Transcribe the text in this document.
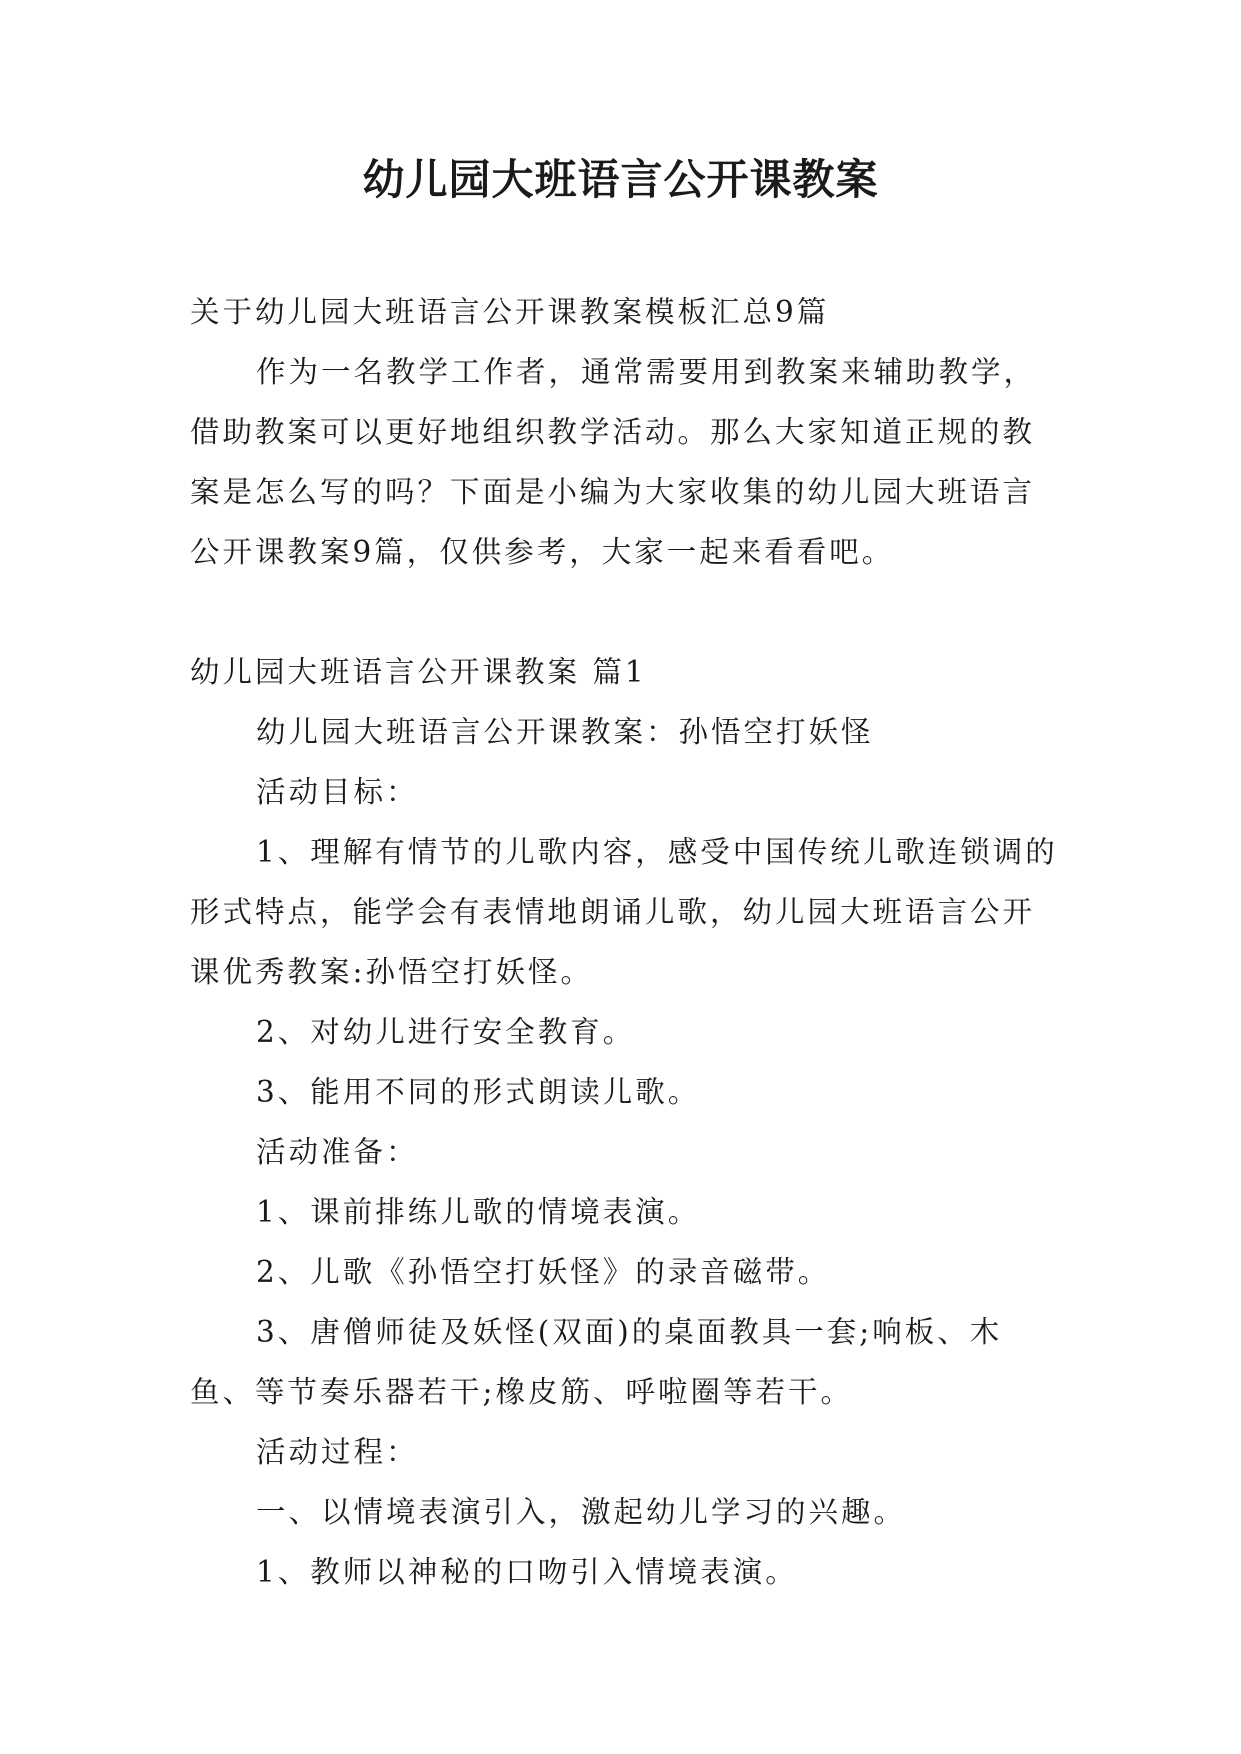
幼儿园大班语言公开课教案

关于幼儿园大班语言公开课教案模板汇总9篇

作为一名教学工作者，通常需要用到教案来辅助教学，借助教案可以更好地组织教学活动。那么大家知道正规的教案是怎么写的吗？下面是小编为大家收集的幼儿园大班语言公开课教案9篇，仅供参考，大家一起来看看吧。

幼儿园大班语言公开课教案 篇1

幼儿园大班语言公开课教案：孙悟空打妖怪

活动目标：

1、理解有情节的儿歌内容，感受中国传统儿歌连锁调的形式特点，能学会有表情地朗诵儿歌，幼儿园大班语言公开课优秀教案:孙悟空打妖怪。

2、对幼儿进行安全教育。

3、能用不同的形式朗读儿歌。

活动准备：

1、课前排练儿歌的情境表演。

2、儿歌《孙悟空打妖怪》的录音磁带。

3、唐僧师徒及妖怪(双面)的桌面教具一套;响板、木鱼、等节奏乐器若干;橡皮筋、呼啦圈等若干。

活动过程：

一、以情境表演引入，激起幼儿学习的兴趣。

1、教师以神秘的口吻引入情境表演。
